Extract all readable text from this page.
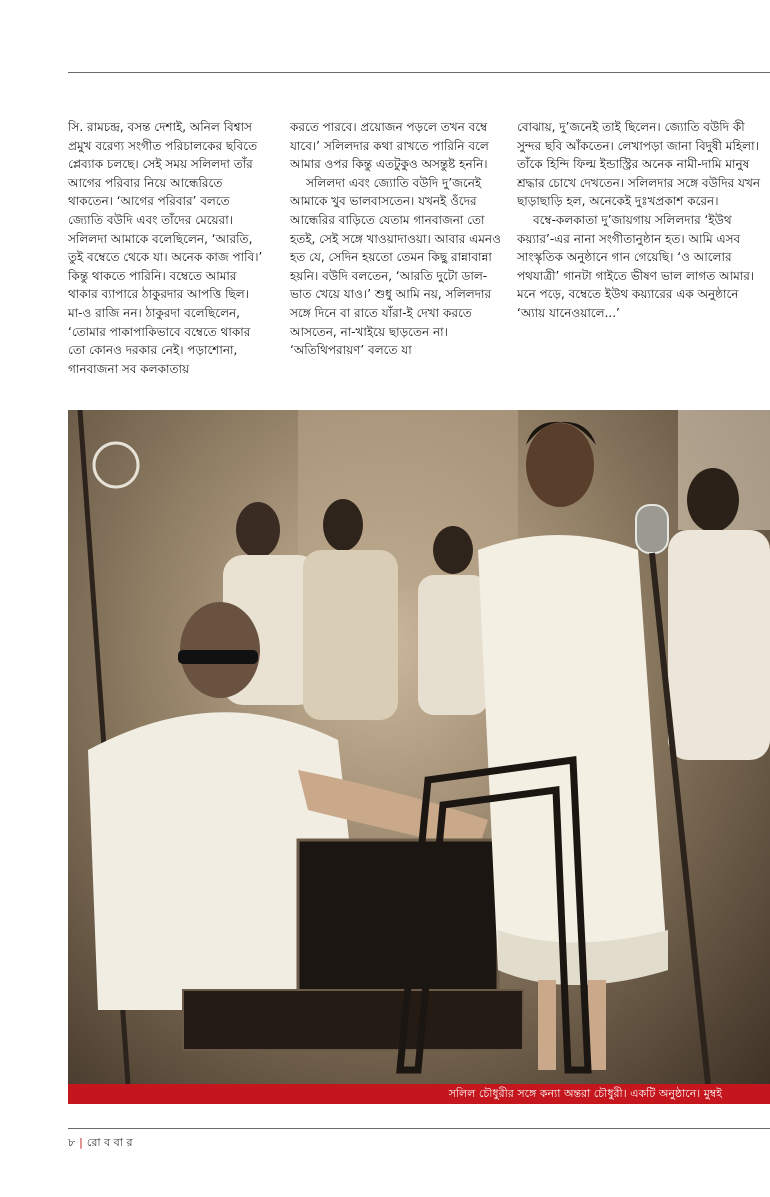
সি. রামচন্দ্র, বসন্ত দেশাই, অনিল বিশ্বাস প্রমুখ বরেণ্য সংগীত পরিচালকের ছবিতে প্লেব্যাক চলছে। সেই সময় সলিলদা তাঁর আগের পরিবার নিয়ে আন্ধেরিতে থাকতেন। ‘আগের পরিবার’ বলতে জ্যোতি বউদি এবং তাঁদের মেয়েরা। সলিলদা আমাকে বলেছিলেন, ‘আরতি, তুই বম্বেতে থেকে যা। অনেক কাজ পাবি।’ কিন্তু থাকতে পারিনি। বম্বেতে আমার থাকার ব্যাপারে ঠাকুরদার আপত্তি ছিল। মা-ও রাজি নন। ঠাকুরদা বলেছিলেন, ‘তোমার পাকাপাকিভাবে বম্বেতে থাকার তো কোনও দরকার নেই। পড়াশোনা, গানবাজনা সব কলকাতায়

করতে পারবে। প্রয়োজন পড়লে তখন বম্বে যাবে।’ সলিলদার কথা রাখতে পারিনি বলে আমার ওপর কিন্তু এতটুকুও অসন্তুষ্ট হননি।

সলিলদা এবং জ্যোতি বউদি দু’জনেই আমাকে খুব ভালবাসতেন। যখনই ওঁদের আন্ধেরির বাড়িতে যেতাম গানবাজনা তো হতই, সেই সঙ্গে খাওয়াদাওয়া। আবার এমনও হত যে, সেদিন হয়তো তেমন কিছু রান্নাবান্না হয়নি। বউদি বলতেন, ‘আরতি দুটো ডাল-ভাত খেয়ে যাও।’ শুধু আমি নয়, সলিলদার সঙ্গে দিনে বা রাতে যাঁরা-ই দেখা করতে আসতেন, না-খাইয়ে ছাড়তেন না। ‘অতিথিপরায়ণ’ বলতে যা

বোঝায়, দু’জনেই তাই ছিলেন। জ্যোতি বউদি কী সুন্দর ছবি আঁকতেন। লেখাপড়া জানা বিদুষী মহিলা। তাঁকে হিন্দি ফিল্ম ইন্ডাস্ট্রির অনেক নামী-দামি মানুষ শ্রদ্ধার চোখে দেখতেন। সলিলদার সঙ্গে বউদির যখন ছাড়াছাড়ি হল, অনেকেই দুঃখপ্রকাশ করেন।

বম্বে-কলকাতা দু’জায়গায় সলিলদার ‘ইউথ কয়্যার’-এর নানা সংগীতানুষ্ঠান হত। আমি এসব সাংস্কৃতিক অনুষ্ঠানে গান গেয়েছি। ‘ও আলোর পথযাত্রী’ গানটা গাইতে ভীষণ ভাল লাগত আমার। মনে পড়ে, বম্বেতে ইউথ কয়্যারের এক অনুষ্ঠানে ‘অ্যায় যানেওয়ালে...’

সলিল চৌধুরীর সঙ্গে কন্যা অন্তরা চৌধুরী। একটি অনুষ্ঠানে। মুম্বই
৮ | রো ব বা র
